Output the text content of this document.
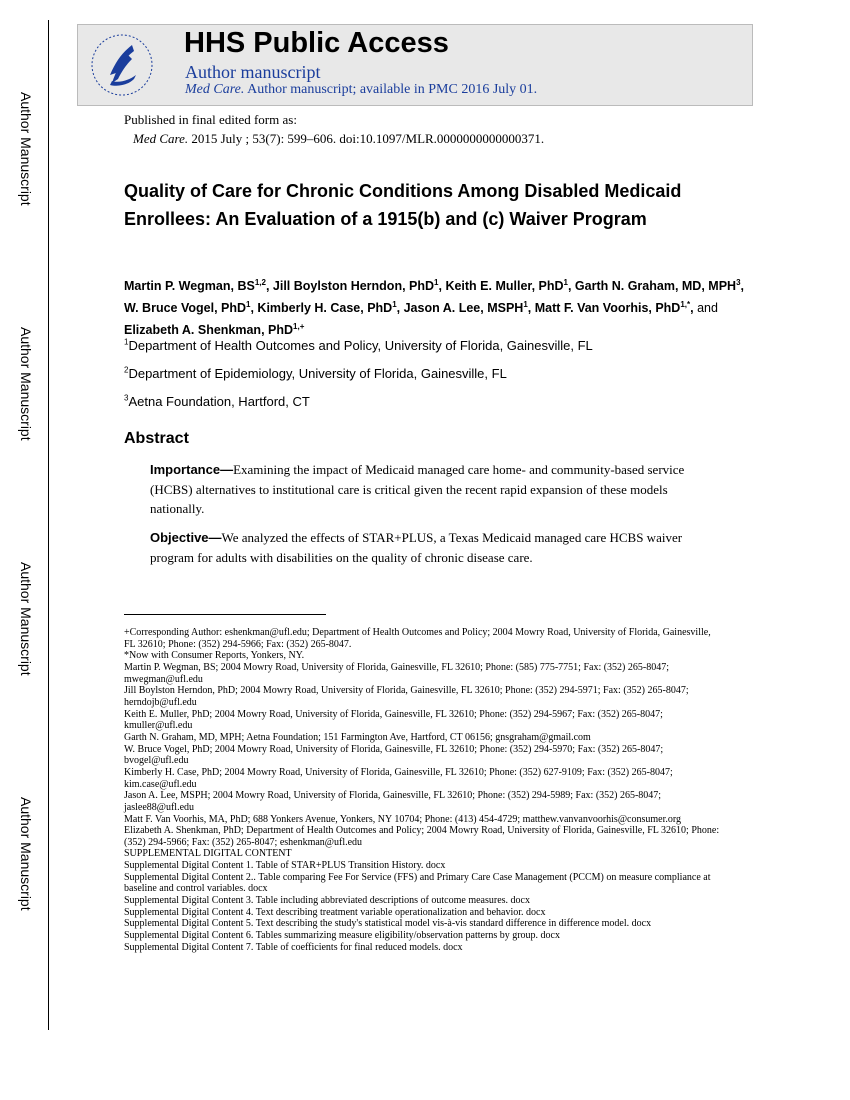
Author Manuscript
Author Manuscript
Author Manuscript
Author Manuscript
HHS Public Access
Author manuscript
Med Care. Author manuscript; available in PMC 2016 July 01.
Published in final edited form as:
Med Care. 2015 July ; 53(7): 599–606. doi:10.1097/MLR.0000000000000371.
Quality of Care for Chronic Conditions Among Disabled Medicaid Enrollees: An Evaluation of a 1915(b) and (c) Waiver Program
Martin P. Wegman, BS$^{1,2}$, Jill Boylston Herndon, PhD$^1$, Keith E. Muller, PhD$^1$, Garth N. Graham, MD, MPH$^3$, W. Bruce Vogel, PhD$^1$, Kimberly H. Case, PhD$^1$, Jason A. Lee, MSPH$^1$, Matt F. Van Voorhis, PhD$^{1,*}$, and Elizabeth A. Shenkman, PhD$^{1,+}$
$^1$Department of Health Outcomes and Policy, University of Florida, Gainesville, FL
$^2$Department of Epidemiology, University of Florida, Gainesville, FL
$^3$Aetna Foundation, Hartford, CT
Abstract
Importance—Examining the impact of Medicaid managed care home- and community-based service (HCBS) alternatives to institutional care is critical given the recent rapid expansion of these models nationally.
Objective—We analyzed the effects of STAR+PLUS, a Texas Medicaid managed care HCBS waiver program for adults with disabilities on the quality of chronic disease care.
+Corresponding Author: eshenkman@ufl.edu; Department of Health Outcomes and Policy; 2004 Mowry Road, University of Florida, Gainesville, FL 32610; Phone: (352) 294-5966; Fax: (352) 265-8047.
*Now with Consumer Reports, Yonkers, NY.
Martin P. Wegman, BS; 2004 Mowry Road, University of Florida, Gainesville, FL 32610; Phone: (585) 775-7751; Fax: (352) 265-8047; mwegman@ufl.edu
Jill Boylston Herndon, PhD; 2004 Mowry Road, University of Florida, Gainesville, FL 32610; Phone: (352) 294-5971; Fax: (352) 265-8047; herndojb@ufl.edu
Keith E. Muller, PhD; 2004 Mowry Road, University of Florida, Gainesville, FL 32610; Phone: (352) 294-5967; Fax: (352) 265-8047; kmuller@ufl.edu
Garth N. Graham, MD, MPH; Aetna Foundation; 151 Farmington Ave, Hartford, CT 06156; gnsgraham@gmail.com
W. Bruce Vogel, PhD; 2004 Mowry Road, University of Florida, Gainesville, FL 32610; Phone: (352) 294-5970; Fax: (352) 265-8047; bvogel@ufl.edu
Kimberly H. Case, PhD; 2004 Mowry Road, University of Florida, Gainesville, FL 32610; Phone: (352) 627-9109; Fax: (352) 265-8047; kim.case@ufl.edu
Jason A. Lee, MSPH; 2004 Mowry Road, University of Florida, Gainesville, FL 32610; Phone: (352) 294-5989; Fax: (352) 265-8047; jaslee88@ufl.edu
Matt F. Van Voorhis, MA, PhD; 688 Yonkers Avenue, Yonkers, NY 10704; Phone: (413) 454-4729; matthew.vanvanvoorhis@consumer.org
Elizabeth A. Shenkman, PhD; Department of Health Outcomes and Policy; 2004 Mowry Road, University of Florida, Gainesville, FL 32610; Phone: (352) 294-5966; Fax: (352) 265-8047; eshenkman@ufl.edu
SUPPLEMENTAL DIGITAL CONTENT
Supplemental Digital Content 1. Table of STAR+PLUS Transition History. docx
Supplemental Digital Content 2.. Table comparing Fee For Service (FFS) and Primary Care Case Management (PCCM) on measure compliance at baseline and control variables. docx
Supplemental Digital Content 3. Table including abbreviated descriptions of outcome measures. docx
Supplemental Digital Content 4. Text describing treatment variable operationalization and behavior. docx
Supplemental Digital Content 5. Text describing the study's statistical model vis-à-vis standard difference in difference model. docx
Supplemental Digital Content 6. Tables summarizing measure eligibility/observation patterns by group. docx
Supplemental Digital Content 7. Table of coefficients for final reduced models. docx
